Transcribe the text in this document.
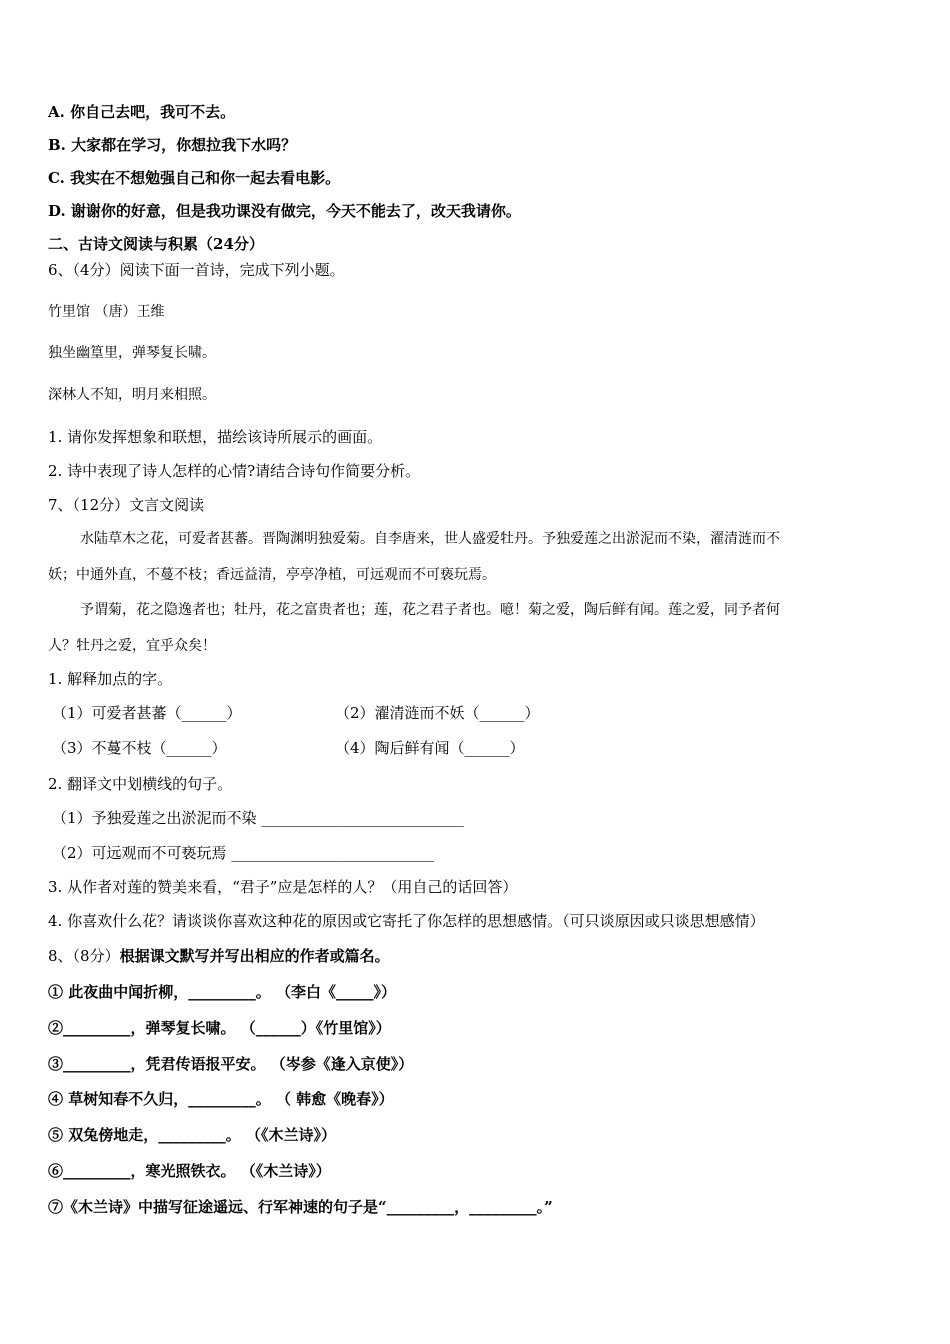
A. 你自己去吧，我可不去。
B. 大家都在学习，你想拉我下水吗？
C. 我实在不想勉强自己和你一起去看电影。
D. 谢谢你的好意，但是我功课没有做完，今天不能去了，改天我请你。
二、古诗文阅读与积累（24分）
6、（4分）阅读下面一首诗，完成下列小题。
竹里馆 （唐）王维
独坐幽篁里，弹琴复长啸。
深林人不知，明月来相照。
1. 请你发挥想象和联想，描绘该诗所展示的画面。
2. 诗中表现了诗人怎样的心情?请结合诗句作简要分析。
7、（12分）文言文阅读
水陆草木之花，可爱者甚蕃。晋陶渊明独爱菊。自李唐来，世人盛爱牡丹。予独爱莲之出淤泥而不染，濯清涟而不
妖；中通外直，不蔓不枝；香远益清，亭亭净植，可远观而不可亵玩焉。
予谓菊，花之隐逸者也；牡丹，花之富贵者也；莲，花之君子者也。噫！菊之爱，陶后鲜有闻。莲之爱，同予者何
人？牡丹之爱，宜乎众矣！
1. 解释加点的字。
（1）可爱者甚蕃（______）	（2）濯清涟而不妖（______）
（3）不蔓不枝（______）	（4）陶后鲜有闻（______）
2. 翻译文中划横线的句子。
（1）予独爱莲之出淤泥而不染 ___________________________
（2）可远观而不可亵玩焉 ___________________________
3. 从作者对莲的赞美来看，“君子”应是怎样的人？（用自己的话回答）
4. 你喜欢什么花？请谈谈你喜欢这种花的原因或它寄托了你怎样的思想感情。（可只谈原因或只谈思想感情）
8、（8分）根据课文默写并写出相应的作者或篇名。
① 此夜曲中闻折柳，_________。 （李白《_____》）
②_________，弹琴复长啸。 （______）《竹里馆》）
③_________，凭君传语报平安。 （岑参《逢入京使》）
④ 草树知春不久归，_________。 （ 韩愈《晚春》）
⑤ 双兔傍地走，_________。 （《木兰诗》）
⑥_________，寒光照铁衣。 （《木兰诗》）
⑦《木兰诗》中描写征途遥远、行军神速的句子是“_________，_________。”
